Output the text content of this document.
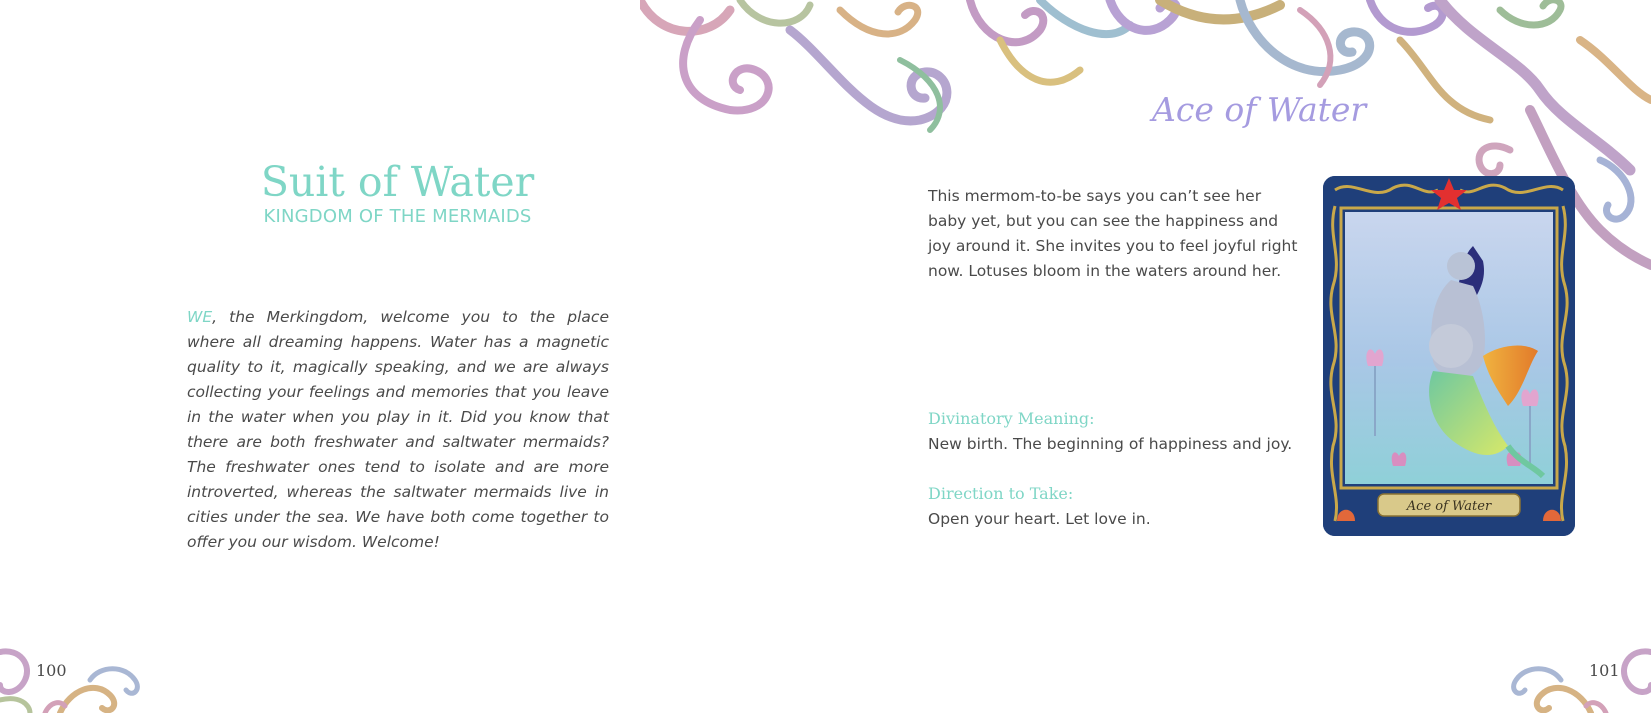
Suit of Water
KINGDOM OF THE MERMAIDS

WE, the Merkingdom, welcome you to the place where all dreaming happens. Water has a magnetic quality to it, magically speaking, and we are always collecting your feelings and memories that you leave in the water when you play in it. Did you know that there are both freshwater and saltwater mermaids? The freshwater ones tend to isolate and are more introverted, whereas the saltwater mermaids live in cities under the sea. We have both come together to offer you our wisdom. Welcome!

Ace of Water

This mermom-to-be says you can’t see her baby yet, but you can see the happiness and joy around it. She invites you to feel joyful right now. Lotuses bloom in the waters around her.

Divinatory Meaning:

New birth. The beginning of happiness and joy.

Direction to Take:

Open your heart. Let love in.

Ace of Water

100	101
